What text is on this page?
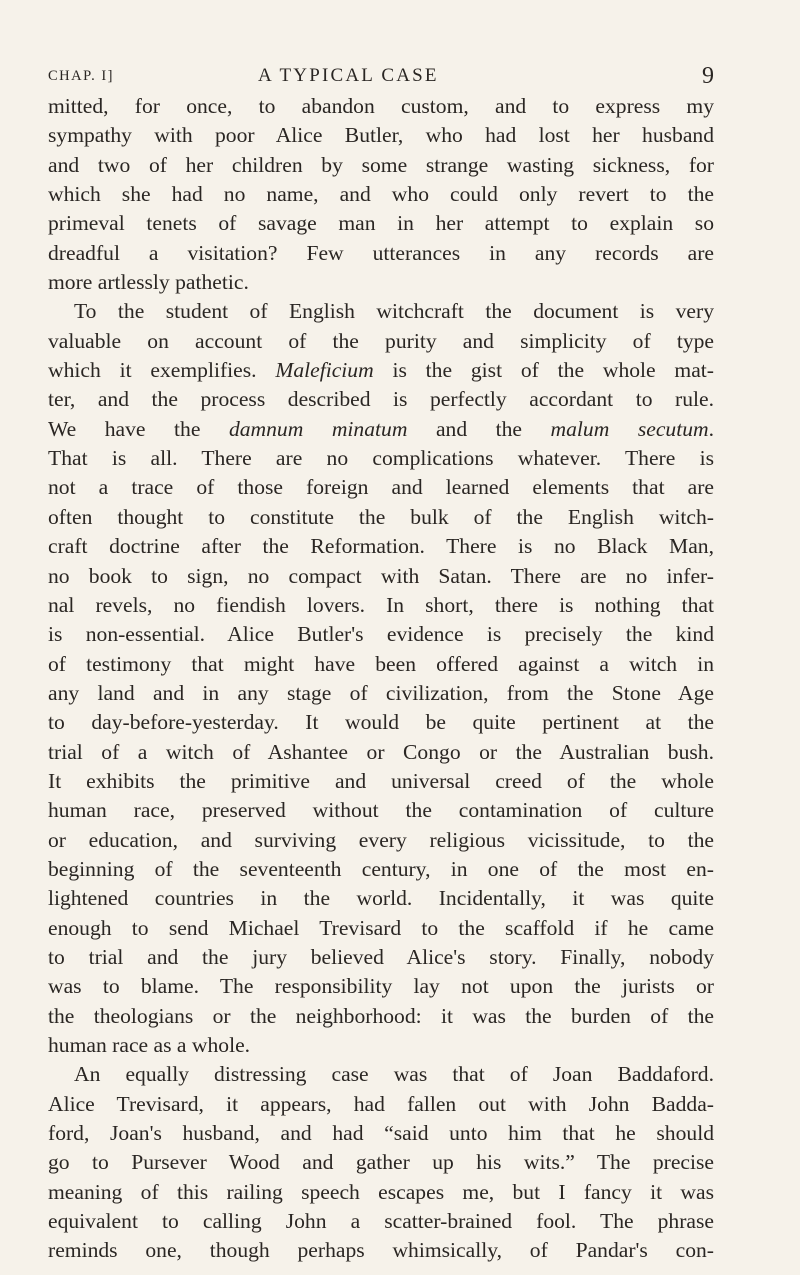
CHAP. I]	A TYPICAL CASE	9
mitted, for once, to abandon custom, and to express my
sympathy with poor Alice Butler, who had lost her husband
and two of her children by some strange wasting sickness, for
which she had no name, and who could only revert to the
primeval tenets of savage man in her attempt to explain so
dreadful a visitation? Few utterances in any records are
more artlessly pathetic.
To the student of English witchcraft the document is very
valuable on account of the purity and simplicity of type
which it exemplifies. Maleficium is the gist of the whole mat-
ter, and the process described is perfectly accordant to rule.
We have the damnum minatum and the malum secutum.
That is all. There are no complications whatever. There is
not a trace of those foreign and learned elements that are
often thought to constitute the bulk of the English witch-
craft doctrine after the Reformation. There is no Black Man,
no book to sign, no compact with Satan. There are no infer-
nal revels, no fiendish lovers. In short, there is nothing that
is non-essential. Alice Butler's evidence is precisely the kind
of testimony that might have been offered against a witch in
any land and in any stage of civilization, from the Stone Age
to day-before-yesterday. It would be quite pertinent at the
trial of a witch of Ashantee or Congo or the Australian bush.
It exhibits the primitive and universal creed of the whole
human race, preserved without the contamination of culture
or education, and surviving every religious vicissitude, to the
beginning of the seventeenth century, in one of the most en-
lightened countries in the world. Incidentally, it was quite
enough to send Michael Trevisard to the scaffold if he came
to trial and the jury believed Alice's story. Finally, nobody
was to blame. The responsibility lay not upon the jurists or
the theologians or the neighborhood: it was the burden of the
human race as a whole.
An equally distressing case was that of Joan Baddaford.
Alice Trevisard, it appears, had fallen out with John Badda-
ford, Joan's husband, and had “said unto him that he should
go to Pursever Wood and gather up his wits.” The precise
meaning of this railing speech escapes me, but I fancy it was
equivalent to calling John a scatter-brained fool. The phrase
reminds one, though perhaps whimsically, of Pandar's con-
